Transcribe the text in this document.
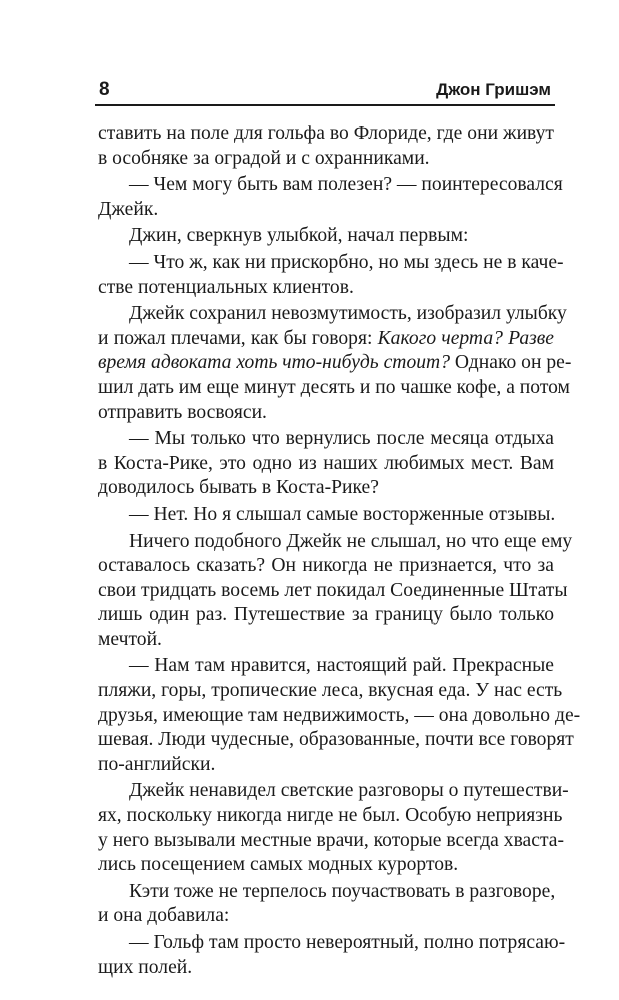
8	Джон Гришэм
ставить на поле для гольфа во Флориде, где они живут
в особняке за оградой и с охранниками.
— Чем могу быть вам полезен? — поинтересовался
Джейк.
Джин, сверкнув улыбкой, начал первым:
— Что ж, как ни прискорбно, но мы здесь не в каче-
стве потенциальных клиентов.
Джейк сохранил невозмутимость, изобразил улыбку
и пожал плечами, как бы говоря: Какого черта? Разве
время адвоката хоть что-нибудь стоит? Однако он ре-
шил дать им еще минут десять и по чашке кофе, а потом
отправить восвояси.
— Мы только что вернулись после месяца отдыха
в Коста-Рике, это одно из наших любимых мест. Вам
доводилось бывать в Коста-Рике?
— Нет. Но я слышал самые восторженные отзывы.
Ничего подобного Джейк не слышал, но что еще ему
оставалось сказать? Он никогда не признается, что за
свои тридцать восемь лет покидал Соединенные Штаты
лишь один раз. Путешествие за границу было только
мечтой.
— Нам там нравится, настоящий рай. Прекрасные
пляжи, горы, тропические леса, вкусная еда. У нас есть
друзья, имеющие там недвижимость, — она довольно де-
шевая. Люди чудесные, образованные, почти все говорят
по-английски.
Джейк ненавидел светские разговоры о путешестви-
ях, поскольку никогда нигде не был. Особую неприязнь
у него вызывали местные врачи, которые всегда хваста-
лись посещением самых модных курортов.
Кэти тоже не терпелось поучаствовать в разговоре,
и она добавила:
— Гольф там просто невероятный, полно потрясаю-
щих полей.
